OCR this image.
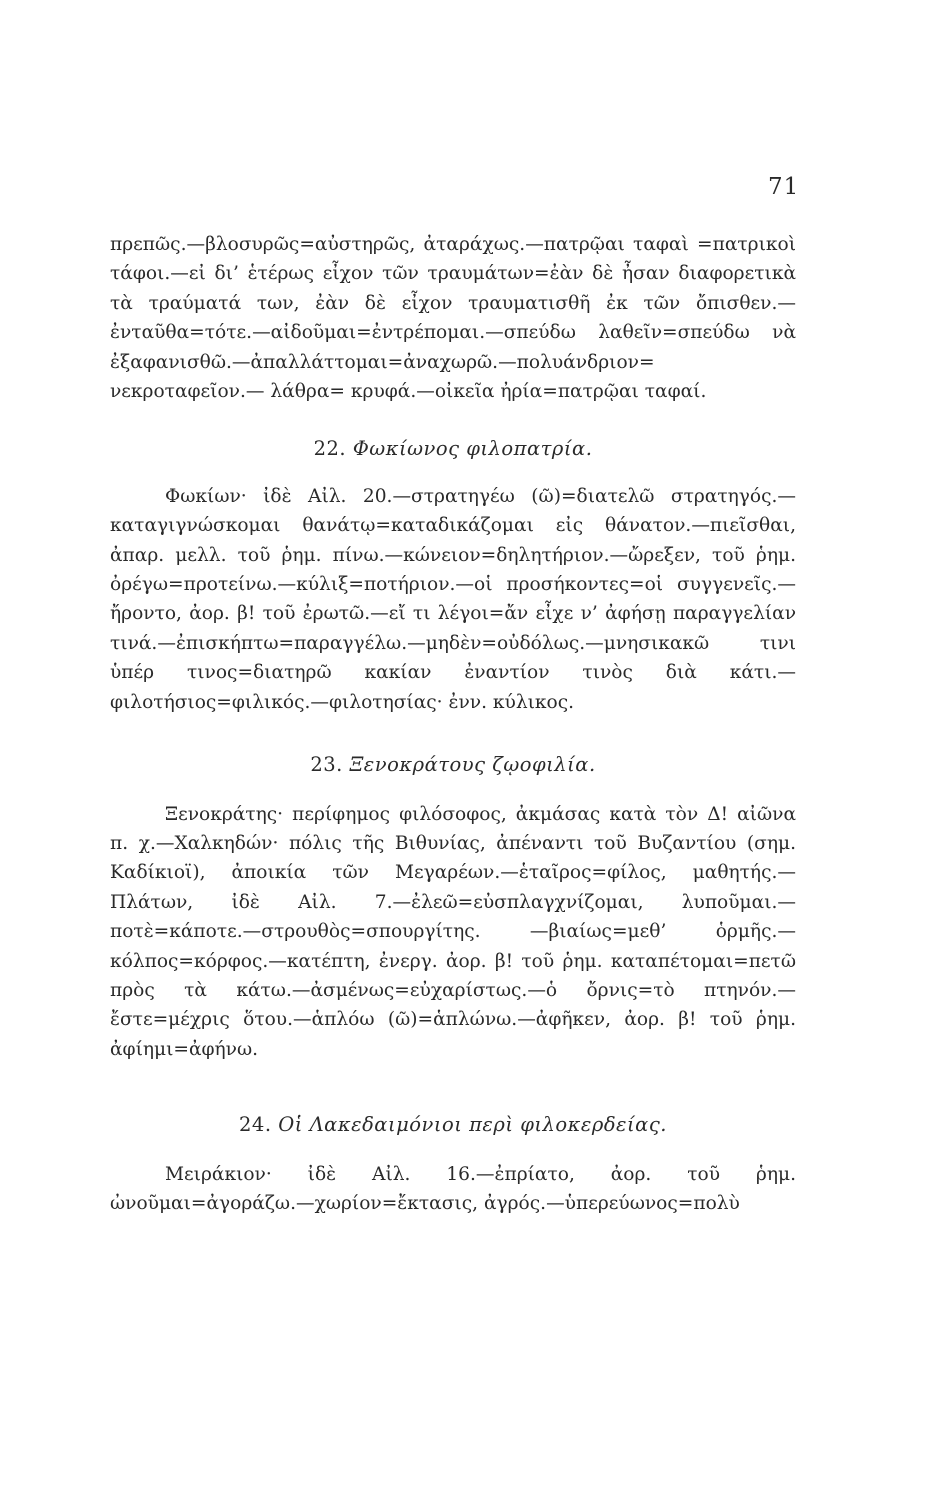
71

πρεπῶς.—βλοσυρῶς=αὐστηρῶς, ἀταράχως.—πατρῷαι ταφαὶ =πατρικοὶ τάφοι.—εἰ δι’ ἑτέρως εἶχον τῶν τραυμάτων=ἐὰν δὲ ἦσαν διαφορετικὰ τὰ τραύματά των, ἐὰν δὲ εἶχον τραυματισθῆ ἐκ τῶν ὄπισθεν.—ἐνταῦθα=τότε.—αἰδοῦμαι=ἐντρέπομαι.—σπεύδω λαθεῖν=σπεύδω νὰ ἐξαφανισθῶ.—ἀπαλλάττομαι=ἀναχωρῶ.—πολυάνδριον= νεκροταφεῖον.— λάθρα= κρυφά.—οἰκεῖα ἠρία=πατρῷαι ταφαί.

22. Φωκίωνος φιλοπατρία.

Φωκίων· ἰδὲ Αἰλ. 20.—στρατηγέω (ῶ)=διατελῶ στρατηγός.—καταγιγνώσκομαι θανάτῳ=καταδικάζομαι εἰς θάνατον.—πιεῖσθαι, ἀπαρ. μελλ. τοῦ ῥημ. πίνω.—κώνειον=δηλητήριον.—ὤρεξεν, τοῦ ῥημ. ὀρέγω=προτείνω.—κύλιξ=ποτήριον.—οἱ προσήκοντες=οἱ συγγενεῖς.—ἤροντο, ἀορ. β! τοῦ ἐρωτῶ.—εἴ τι λέγοι=ἄν εἶχε ν’ ἀφήσῃ παραγγελίαν τινά.—ἐπισκήπτω=παραγγέλω.—μηδὲν=οὐδόλως.—μνησικακῶ τινι ὑπέρ τινος=διατηρῶ κακίαν ἐναντίον τινὸς διὰ κάτι.—φιλοτήσιος=φιλικός.—φιλοτησίας· ἐνν. κύλικος.

23. Ξενοκράτους ζῳοφιλία.

Ξενοκράτης· περίφημος φιλόσοφος, ἀκμάσας κατὰ τὸν Δ! αἰῶνα π. χ.—Χαλκηδών· πόλις τῆς Βιθυνίας, ἀπέναντι τοῦ Βυζαντίου (σημ. Καδίκιοϊ), ἀποικία τῶν Μεγαρέων.—ἑταῖρος=φίλος, μαθητής.—Πλάτων, ἰδὲ Αἰλ. 7.—ἐλεῶ=εὐσπλαγχνίζομαι, λυποῦμαι.—ποτὲ=κάποτε.—στρουθὸς=σπουργίτης. —βιαίως=μεθ’ ὁρμῆς.—κόλπος=κόρφος.—κατέπτη, ἐνεργ. ἀορ. β! τοῦ ῥημ. καταπέτομαι=πετῶ πρὸς τὰ κάτω.—ἀσμένως=εὐχαρίστως.—ὁ ὄρνις=τὸ πτηνόν.—ἔστε=μέχρις ὅτου.—ἁπλόω (ῶ)=ἁπλώνω.—ἀφῆκεν, ἀορ. β! τοῦ ῥημ. ἀφίημι=ἀφήνω.

24. Οἱ Λακεδαιμόνιοι περὶ φιλοκερδείας.

Μειράκιον· ἰδὲ Αἰλ. 16.—ἐπρίατο, ἀορ. τοῦ ῥημ. ὠνοῦμαι=ἀγοράζω.—χωρίον=ἔκτασις, ἀγρός.—ὑπερεύωνος=πολὺ
